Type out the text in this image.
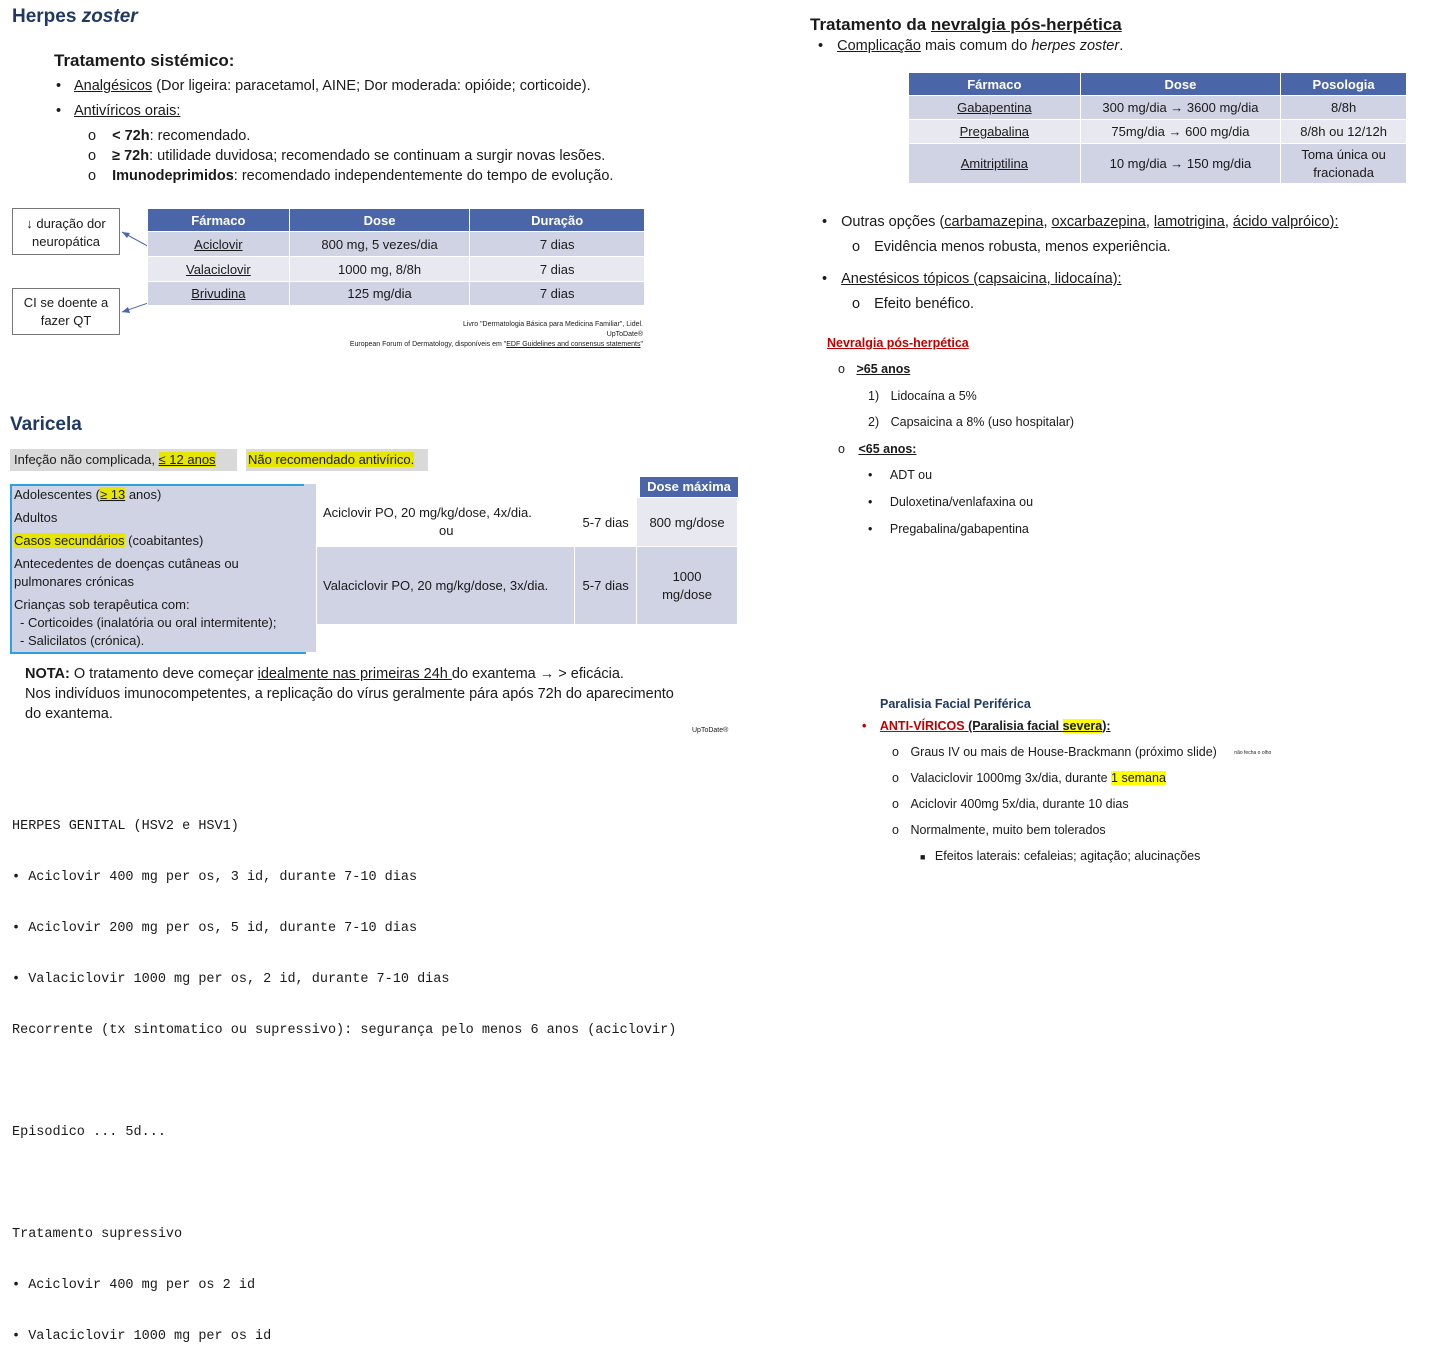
Herpes zoster
Tratamento sistémico:
• Analgésicos (Dor ligeira: paracetamol, AINE; Dor moderada: opióide; corticoide).
• Antivíricos orais:
o < 72h: recomendado.
o ≥ 72h: utilidade duvidosa; recomendado se continuam a surgir novas lesões.
o Imunodeprimidos: recomendado independentemente do tempo de evolução.
↓ duração dor neuropática
CI se doente a fazer QT
Fármaco	Dose	Duração
Aciclovir	800 mg, 5 vezes/dia	7 dias
Valaciclovir	1000 mg, 8/8h	7 dias
Brivudina	125 mg/dia	7 dias
Livro "Dermatologia Básica para Medicina Familiar", Lidel.
UpToDate®
European Forum of Dermatology, disponíveis em "EDF Guidelines and consensus statements"
Tratamento da nevralgia pós-herpética
• Complicação mais comum do herpes zoster.
Fármaco	Dose	Posologia
Gabapentina	300 mg/dia → 3600 mg/dia	8/8h
Pregabalina	75mg/dia → 600 mg/dia	8/8h ou 12/12h
Amitriptilina	10 mg/dia → 150 mg/dia	Toma única ou fracionada
• Outras opções (carbamazepina, oxcarbazepina, lamotrigina, ácido valpróico):
o Evidência menos robusta, menos experiência.
• Anestésicos tópicos (capsaicina, lidocaína):
o Efeito benéfico.
Nevralgia pós-herpética
o >65 anos
1) Lidocaína a 5%
2) Capsaicina a 8% (uso hospitalar)
o <65 anos:
• ADT ou
• Duloxetina/venlafaxina ou
• Pregabalina/gabapentina
Varicela
Infeção não complicada, ≤ 12 anos	Não recomendado antivírico.
Adolescentes (≥ 13 anos)
Adultos
Casos secundários (coabitantes)
Antecedentes de doenças cutâneas ou pulmonares crónicas
Crianças sob terapêutica com:
- Corticoides (inalatória ou oral intermitente);
- Salicilatos (crónica).
Dose máxima
Aciclovir PO, 20 mg/kg/dose, 4x/dia.
ou	5-7 dias	800 mg/dose
Valaciclovir PO, 20 mg/kg/dose, 3x/dia.	5-7 dias	1000 mg/dose
NOTA: O tratamento deve começar idealmente nas primeiras 24h do exantema → > eficácia.
Nos indivíduos imunocompetentes, a replicação do vírus geralmente pára após 72h do aparecimento
do exantema.
UpToDate®
Paralisia Facial Periférica
• ANTI-VÍRICOS (Paralisia facial severa):
o Graus IV ou mais de House-Brackmann (próximo slide)	não fecha o olho
o Valaciclovir 1000mg 3x/dia, durante 1 semana
o Aciclovir 400mg 5x/dia, durante 10 dias
o Normalmente, muito bem tolerados
■ Efeitos laterais: cefaleias; agitação; alucinações

HERPES GENITAL (HSV2 e HSV1)

• Aciclovir 400 mg per os, 3 id, durante 7-10 dias

• Aciclovir 200 mg per os, 5 id, durante 7-10 dias

• Valaciclovir 1000 mg per os, 2 id, durante 7-10 dias

Recorrente (tx sintomatico ou supressivo): segurança pelo menos 6 anos (aciclovir)

Episodico ... 5d...

Tratamento supressivo

• Aciclovir 400 mg per os 2 id

• Valaciclovir 1000 mg per os id
